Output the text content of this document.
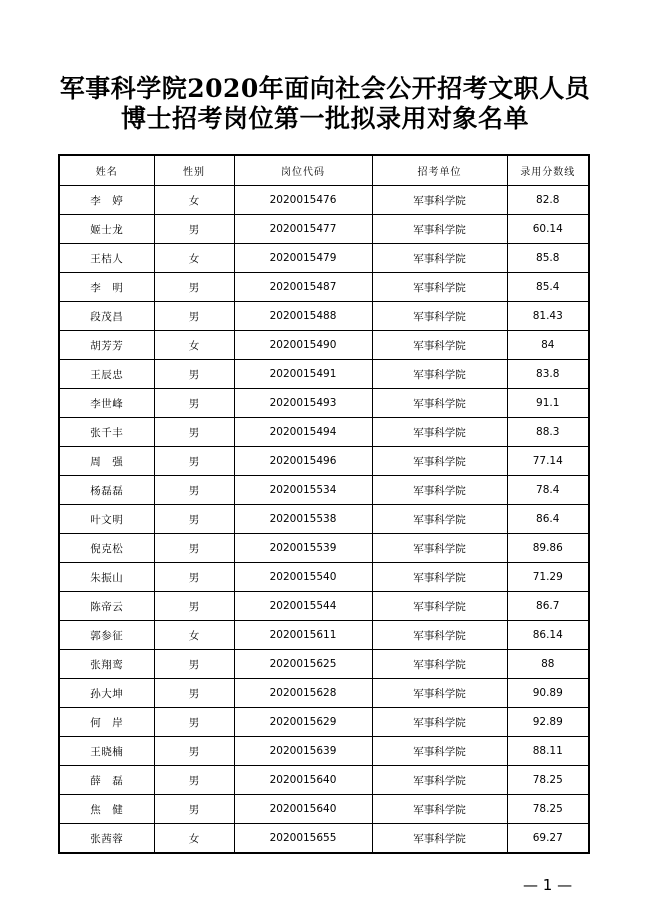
军事科学院2020年面向社会公开招考文职人员
博士招考岗位第一批拟录用对象名单
姓名	性别	岗位代码	招考单位	录用分数线
李　婷	女	2020015476	军事科学院	82.8
姬士龙	男	2020015477	军事科学院	60.14
王桔人	女	2020015479	军事科学院	85.8
李　明	男	2020015487	军事科学院	85.4
段茂昌	男	2020015488	军事科学院	81.43
胡芳芳	女	2020015490	军事科学院	84
王辰忠	男	2020015491	军事科学院	83.8
李世峰	男	2020015493	军事科学院	91.1
张千丰	男	2020015494	军事科学院	88.3
周　强	男	2020015496	军事科学院	77.14
杨磊磊	男	2020015534	军事科学院	78.4
叶文明	男	2020015538	军事科学院	86.4
倪克松	男	2020015539	军事科学院	89.86
朱振山	男	2020015540	军事科学院	71.29
陈帝云	男	2020015544	军事科学院	86.7
郭参征	女	2020015611	军事科学院	86.14
张翔鸾	男	2020015625	军事科学院	88
孙大坤	男	2020015628	军事科学院	90.89
何　岸	男	2020015629	军事科学院	92.89
王晓楠	男	2020015639	军事科学院	88.11
薛　磊	男	2020015640	军事科学院	78.25
焦　健	男	2020015640	军事科学院	78.25
张茜蓉	女	2020015655	军事科学院	69.27
— 1 —
